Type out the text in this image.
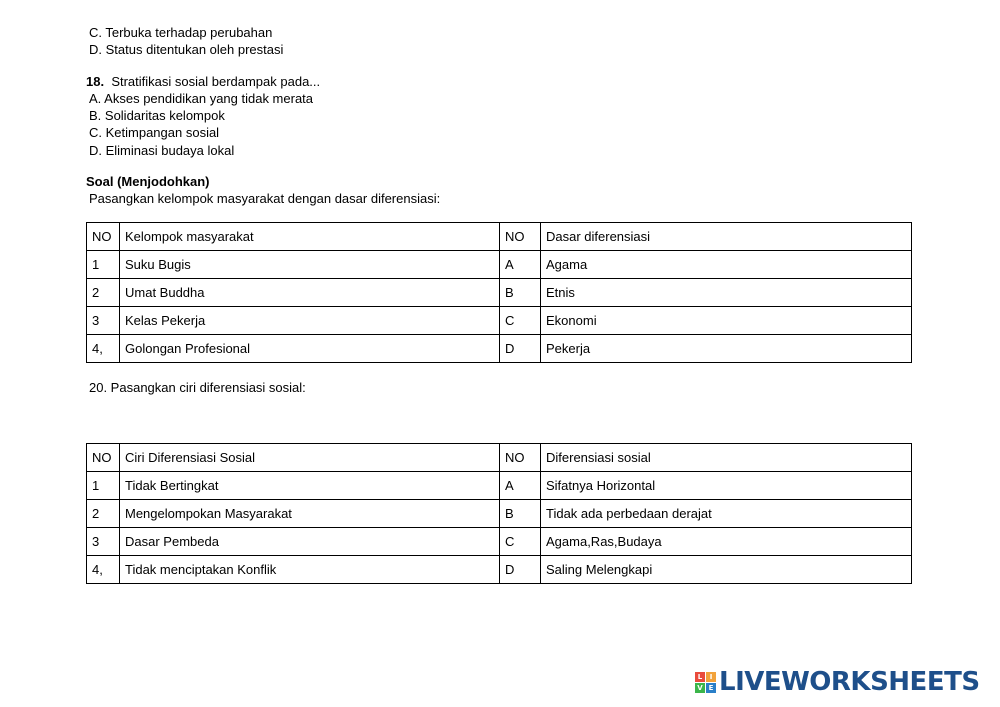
C. Terbuka terhadap perubahan
D. Status ditentukan oleh prestasi
18. Stratifikasi sosial berdampak pada...
A. Akses pendidikan yang tidak merata
B. Solidaritas kelompok
C. Ketimpangan sosial
D. Eliminasi budaya lokal
Soal (Menjodohkan)
Pasangkan kelompok masyarakat dengan dasar diferensiasi:
NO	Kelompok masyarakat	NO	Dasar diferensiasi
1	Suku Bugis	A	Agama
2	Umat Buddha	B	Etnis
3	Kelas Pekerja	C	Ekonomi
4,	Golongan Profesional	D	Pekerja
20. Pasangkan ciri diferensiasi sosial:
NO	Ciri Diferensiasi Sosial	NO	Diferensiasi sosial
1	Tidak Bertingkat	A	Sifatnya Horizontal
2	Mengelompokan Masyarakat	B	Tidak ada perbedaan derajat
3	Dasar Pembeda	C	Agama,Ras,Budaya
4,	Tidak menciptakan Konflik	D	Saling Melengkapi
L	I
V E LIVEWORKSHEETS
